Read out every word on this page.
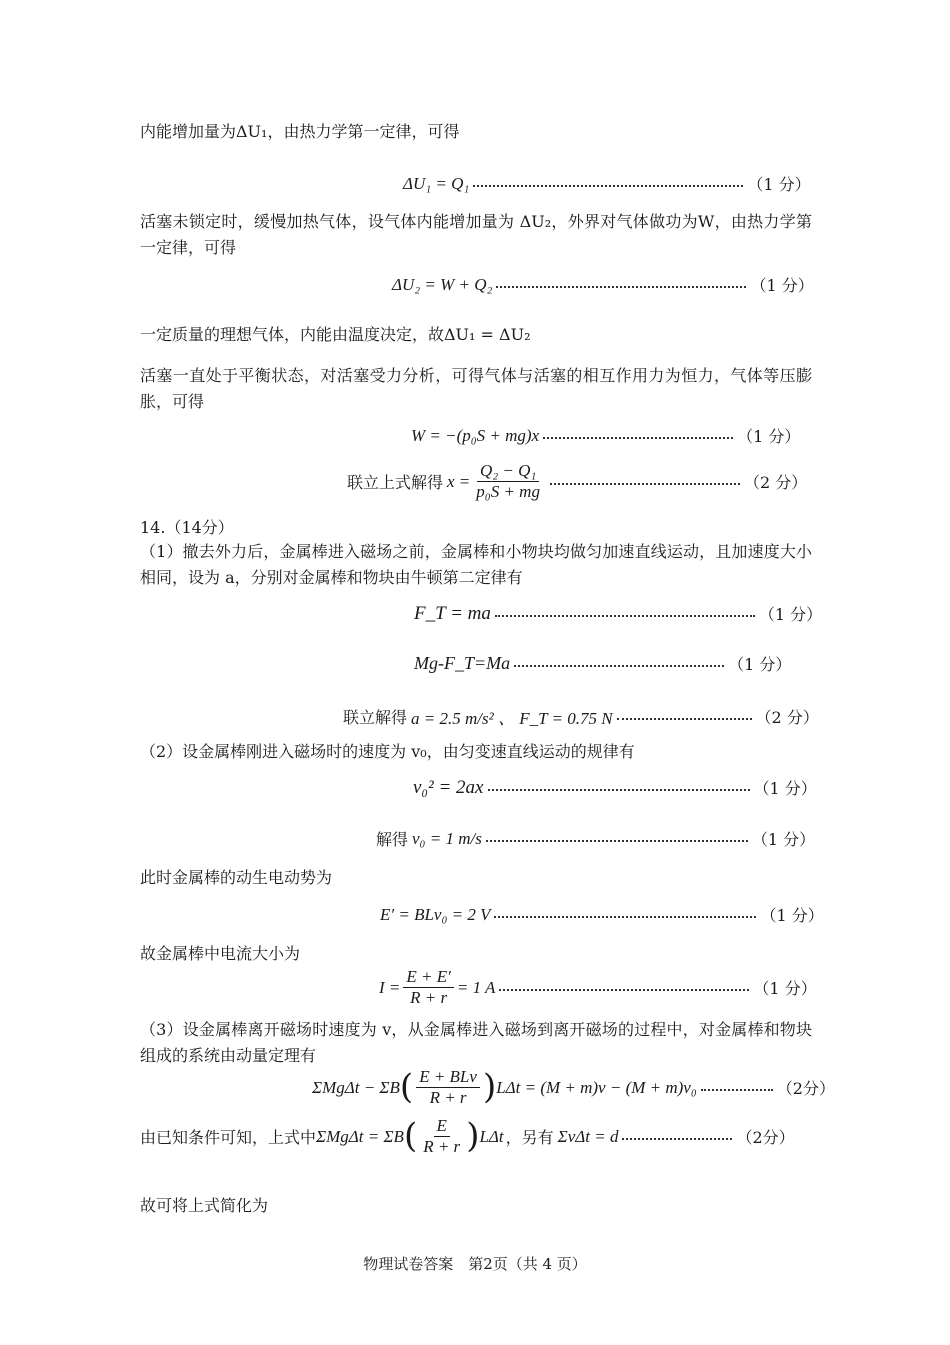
内能增加量为ΔU₁，由热力学第一定律，可得
ΔU₁ = Q₁	（1 分）
活塞未锁定时，缓慢加热气体，设气体内能增加量为 ΔU₂，外界对气体做功为W，由热力学第一定律，可得
ΔU₂ = W + Q₂	（1 分）
一定质量的理想气体，内能由温度决定，故ΔU₁ = ΔU₂
活塞一直处于平衡状态，对活塞受力分析，可得气体与活塞的相互作用力为恒力，气体等压膨胀，可得
W = −(p₀S + mg)x	（1 分）
联立上式解得 $x = \frac{\text{Q₂ − Q₁}}{\text{p₀S + mg}}$	（2 分）
14.（14分）
（1）撤去外力后，金属棒进入磁场之前，金属棒和小物块均做匀加速直线运动，且加速度大小相同，设为 a，分别对金属棒和物块由牛顿第二定律有
F_T = ma	（1 分）
Mg-F_T=Ma	（1 分）
联立解得 a = 2.5 m/s² 、 F_T = 0.75 N	（2 分）
（2）设金属棒刚进入磁场时的速度为 v₀，由匀变速直线运动的规律有
v₀² = 2ax	（1 分）
解得 v₀ = 1 m/s	（1 分）
此时金属棒的动生电动势为
E′ = BLv₀ = 2 V	（1 分）
故金属棒中电流大小为
$I = \frac{E + E'}{R + r} = 1$ A	（1 分）
（3）设金属棒离开磁场时速度为 v，从金属棒进入磁场到离开磁场的过程中，对金属棒和物块组成的系统由动量定理有
ΣMgΔt − ΣB ( $\frac{\text{E + BLv}}{R + r}$ ) LΔt = (M + m)v − (M + m)v₀	（2分）
由已知条件可知，上式中 ΣMgΔt = ΣB ( $\frac{E}{R + r}$ ) LΔt ，另有 ΣvΔt = d	（2分）
故可将上式简化为
物理试卷答案　第2页（共 4 页）
